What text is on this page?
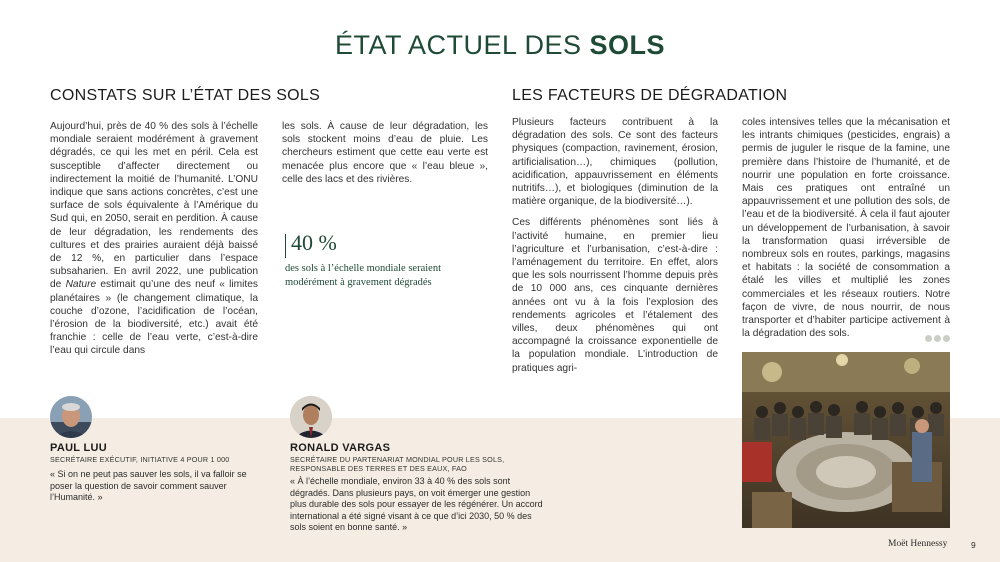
ÉTAT ACTUEL DES SOLS
CONSTATS SUR L’ÉTAT DES SOLS	LES FACTEURS DE DÉGRADATION

Aujourd’hui, près de 40 % des sols à l’échelle mondiale seraient modérément à gravement dégradés, ce qui les met en péril. Cela est susceptible d’affecter directement ou indirectement la moitié de l’humanité. L’ONU indique que sans actions concrètes, c’est une surface de sols équivalente à l’Amérique du Sud qui, en 2050, serait en perdition. À cause de leur dégradation, les rendements des cultures et des prairies auraient déjà baissé de 12 %, en particulier dans l’espace subsaharien. En avril 2022, une publication de Nature estimait qu’une des neuf « limites planétaires » (le changement climatique, la couche d’ozone, l’acidification de l’océan, l’érosion de la biodiversité, etc.) avait été franchie : celle de l’eau verte, c’est-à-dire l’eau qui circule dans

les sols. À cause de leur dégradation, les sols stockent moins d’eau de pluie. Les chercheurs estiment que cette eau verte est menacée plus encore que « l’eau bleue », celle des lacs et des rivières.

40 %
des sols à l’échelle mondiale seraient modérément à gravement dégradés

Plusieurs facteurs contribuent à la dégradation des sols. Ce sont des facteurs physiques (compaction, ravinement, érosion, artificialisation…), chimiques (pollution, acidification, appauvrissement en éléments nutritifs…), et biologiques (diminution de la matière organique, de la biodiversité…).

Ces différents phénomènes sont liés à l’activité humaine, en premier lieu l’agriculture et l’urbanisation, c’est-à-dire : l’aménagement du territoire. En effet, alors que les sols nourrissent l’homme depuis près de 10 000 ans, ces cinquante dernières années ont vu à la fois l’explosion des rendements agricoles et l’étalement des villes, deux phénomènes qui ont accompagné la croissance exponentielle de la population mondiale. L’introduction de pratiques agri-

coles intensives telles que la mécanisation et les intrants chimiques (pesticides, engrais) a permis de juguler le risque de la famine, une première dans l’histoire de l’humanité, et de nourrir une population en forte croissance. Mais ces pratiques ont entraîné un appauvrissement et une pollution des sols, de l’eau et de la biodiversité. À cela il faut ajouter un développement de l’urbanisation, à savoir la transformation quasi irréversible de nombreux sols en routes, parkings, magasins et habitats : la société de consommation a étalé les villes et multiplié les zones commerciales et les réseaux routiers. Notre façon de vivre, de nous nourrir, de nous transporter et d’habiter participe activement à la dégradation des sols.

PAUL LUU
SECRÉTAIRE EXÉCUTIF, INITIATIVE 4 POUR 1 000
« Si on ne peut pas sauver les sols, il va falloir se poser la question de savoir comment sauver l’Humanité. »
RONALD VARGAS
SECRÉTAIRE DU PARTENARIAT MONDIAL POUR LES SOLS,
RESPONSABLE DES TERRES ET DES EAUX, FAO
« À l’échelle mondiale, environ 33 à 40 % des sols sont dégradés. Dans plusieurs pays, on voit émerger une gestion plus durable des sols pour essayer de les régénérer. Un accord international a été signé visant à ce que d’ici 2030, 50 % des sols soient en bonne santé. »
Moët Hennessy	9
